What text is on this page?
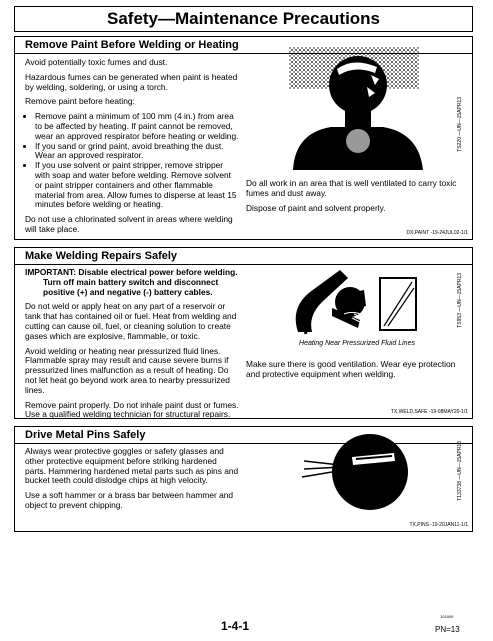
Safety—Maintenance Precautions
Remove Paint Before Welding or Heating

Avoid potentially toxic fumes and dust.

Hazardous fumes can be generated when paint is heated by welding, soldering, or using a torch.

Remove paint before heating:

• Remove paint a minimum of 100 mm (4 in.) from area to be affected by heating. If paint cannot be removed, wear an approved respirator before heating or welding.
• If you sand or grind paint, avoid breathing the dust. Wear an approved respirator.
• If you use solvent or paint stripper, remove stripper with soap and water before welding. Remove solvent or paint stripper containers and other flammable material from area. Allow fumes to disperse at least 15 minutes before welding or heating.

Do not use a chlorinated solvent in areas where welding will take place.

TS220 —UN—15APR13

Do all work in an area that is well ventilated to carry toxic fumes and dust away.

Dispose of paint and solvent properly.

DX,PAINT -19-24JUL02-1/1
Make Welding Repairs Safely

IMPORTANT: Disable electrical power before welding.
Turn off main battery switch and disconnect positive (+) and negative (-) battery cables.

Do not weld or apply heat on any part of a reservoir or tank that has contained oil or fuel. Heat from welding and cutting can cause oil, fuel, or cleaning solution to create gases which are explosive, flammable, or toxic.

Avoid welding or heating near pressurized fluid lines. Flammable spray may result and cause severe burns if pressurized lines malfunction as a result of heating. Do not let heat go beyond work area to nearby pressurized lines.

Remove paint properly. Do not inhale paint dust or fumes. Use a qualified welding technician for structural repairs.

Heating Near Pressurized Fluid Lines
TS953 —UN—15APR13

Make sure there is good ventilation. Wear eye protection and protective equipment when welding.

TX,WELD,SAFE -19-08MAY20-1/1
Drive Metal Pins Safely

Always wear protective goggles or safety glasses and other protective equipment before striking hardened parts. Hammering hardened metal parts such as pins and bucket teeth could dislodge chips at high velocity.

Use a soft hammer or a brass bar between hammer and object to prevent chipping.

T133738 —UN—15APR13
TX,PINS -19-20JAN11-1/1
1-4-1
101909
PN=13
